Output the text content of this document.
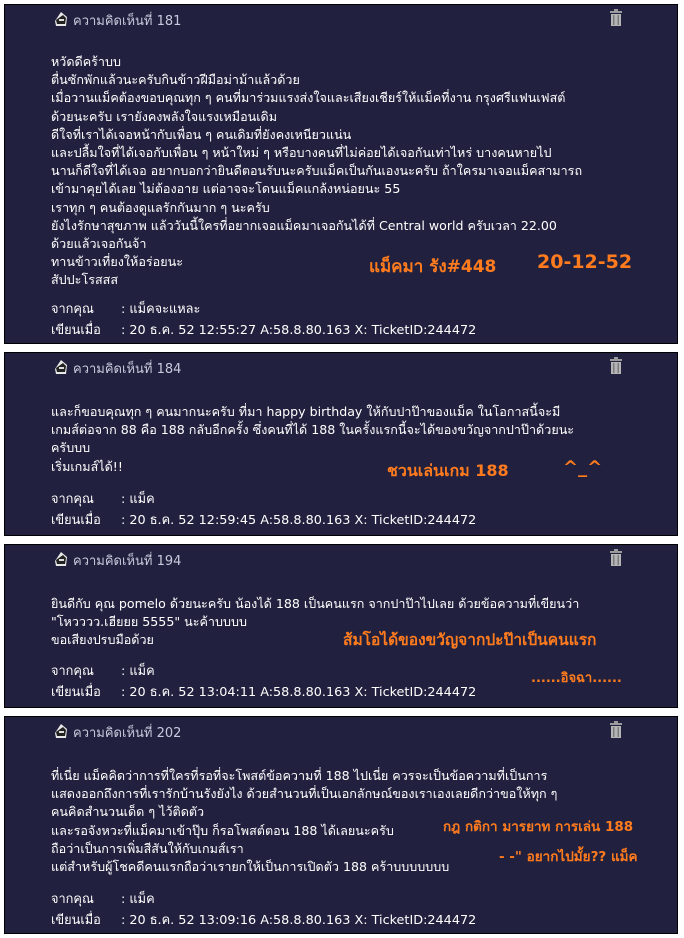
ความคิดเห็นที่ 181
หวัดดีคร้าบบ
ตื่นซักพักแล้วนะครับกินข้าวฝีมือม่าม้าแล้วด้วย
เมื่อวานแม็คต้องขอบคุณทุก ๆ คนที่มาร่วมแรงส่งใจและเสียงเชียร์ให้แม็คที่งาน กรุงศรีแฟนเฟสต์
ด้วยนะครับ เรายังคงพลังใจแรงเหมือนเดิม
ดีใจที่เราได้เจอหน้ากับเพื่อน ๆ คนเดิมที่ยังคงเหนียวแน่น
และปลื้มใจที่ได้เจอกับเพื่อน ๆ หน้าใหม่ ๆ หรือบางคนที่ไม่ค่อยได้เจอกันเท่าไหร่ บางคนหายไป
นานก็ดีใจที่ได้เจอ อยากบอกว่ายินดีตอนรับนะครับแม็คเป็นกันเองนะครับ ถ้าใครมาเจอแม็คสามารถ
เข้ามาคุยได้เลย ไม่ต้องอาย แต่อาจจะโดนแม็คแกล้งหน่อยนะ 55
เราทุก ๆ คนต้องดูแลรักกันมาก ๆ นะครับ
ยังไงรักษาสุขภาพ แล้ววันนี้ใครที่อยากเจอแม็คมาเจอกันได้ที่ Central world ครับเวลา 22.00
ด้วยแล้วเจอกันจ้า
ทานข้าวเที่ยงให้อร่อยนะ
สัปปะโรสสส
จากคุณ	: แม็คจะแหละ
เขียนเมื่อ	: 20 ธ.ค. 52 12:55:27 A:58.8.80.163 X: TicketID:244472
แม็คมา รัง#448 20-12-52
ความคิดเห็นที่ 184
และก็ขอบคุณทุก ๆ คนมากนะครับ ที่มา happy birthday ให้กับปาป๊าของแม็ค ในโอกาสนี้จะมี
เกมส์ต่อจาก 88 คือ 188 กลับอีกครั้ง ซึ่งคนที่ได้ 188 ในครั้งแรกนี้จะได้ของขวัญจากปาป๊าด้วยนะ
ครับบบ
เริ่มเกมส์ได้!!
จากคุณ	: แม็ค
เขียนเมื่อ	: 20 ธ.ค. 52 12:59:45 A:58.8.80.163 X: TicketID:244472
ชวนเล่นเกม 188	^_^
ความคิดเห็นที่ 194
ยินดีกับ คุณ pomelo ด้วยนะครับ น้องได้ 188 เป็นคนแรก จากปาป๊าไปเลย ด้วยข้อความที่เขียนว่า
"โหวววว.เฮียยย 5555" นะค้าบบบบ
ขอเสียงปรบมือด้วย
จากคุณ	: แม็ค
เขียนเมื่อ	: 20 ธ.ค. 52 13:04:11 A:58.8.80.163 X: TicketID:244472
ส้มโอได้ของขวัญจากปะป๊าเป็นคนแรก
......อิจฉา......
ความคิดเห็นที่ 202
ที่เนี่ย แม็คคิดว่าการที่ใครที่รอที่จะโพสต์ข้อความที่ 188 ไปเนี่ย ควรจะเป็นข้อความที่เป็นการ
แสดงออกถึงการที่เรารักบ้านรังยังไง ด้วยสำนวนที่เป็นเอกลักษณ์ของเราเองเลยดีกว่าขอให้ทุก ๆ
คนคิดสำนวนเด็ด ๆ ไว้ติดตัว
และรอจังหวะที่แม็คมาเข้าปุ๊บ ก็รอโพสต์ตอน 188 ได้เลยนะครับ
ถือว่าเป็นการเพิ่มสีสันให้กับเกมส์เรา
แต่สำหรับผู้โชคดีคนแรกถือว่าเรายกให้เป็นการเปิดตัว 188 คร้าบบบบบบบ
จากคุณ	: แม็ค
เขียนเมื่อ	: 20 ธ.ค. 52 13:09:16 A:58.8.80.163 X: TicketID:244472
กฎ กติกา มารยาท การเล่น 188
- -" อยากไปมั้ย?? แม็ค
